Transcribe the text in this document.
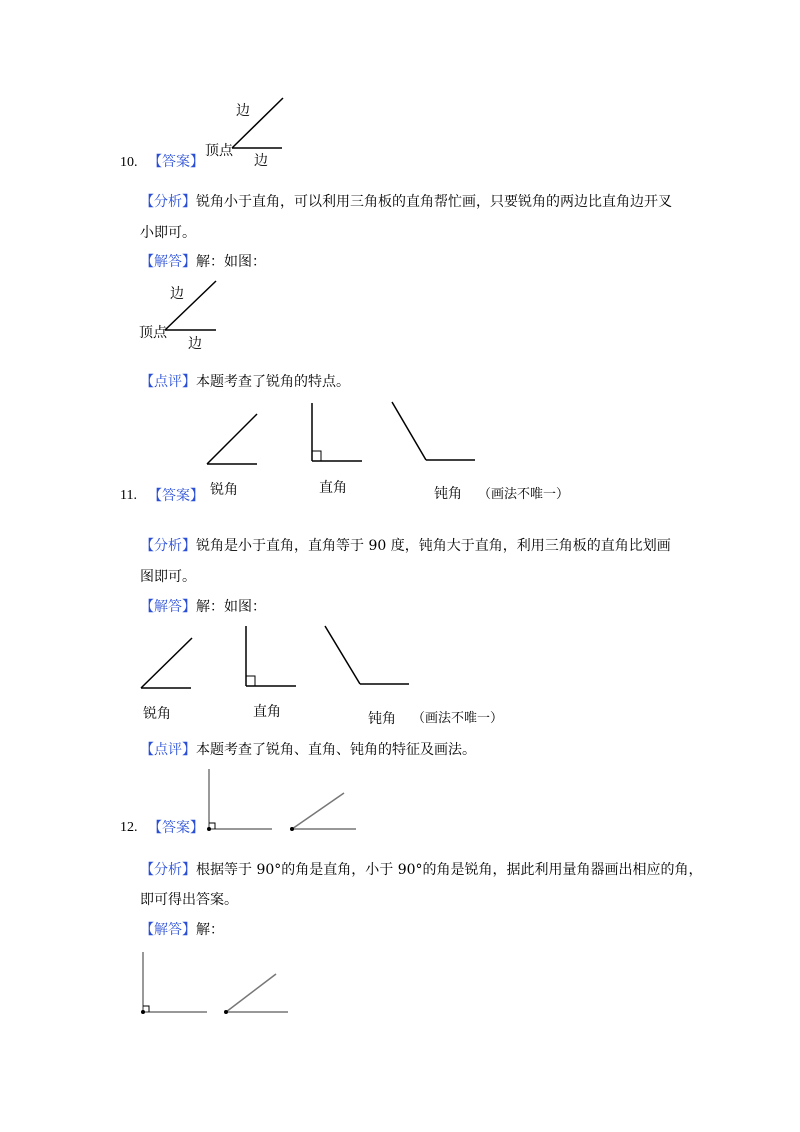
边
顶点
边
10. 【答案】
【分析】锐角小于直角，可以利用三角板的直角帮忙画，只要锐角的两边比直角边开叉
小即可。
【解答】解：如图：
边
顶点
边
【点评】本题考查了锐角的特点。
锐角	直角	钝角 （画法不唯一）
11. 【答案】
【分析】锐角是小于直角，直角等于 90 度，钝角大于直角，利用三角板的直角比划画
图即可。
【解答】解：如图：
锐角	直角	钝角 （画法不唯一）
【点评】本题考查了锐角、直角、钝角的特征及画法。
12. 【答案】
【分析】根据等于 90°的角是直角，小于 90°的角是锐角，据此利用量角器画出相应的角，
即可得出答案。
【解答】解：
